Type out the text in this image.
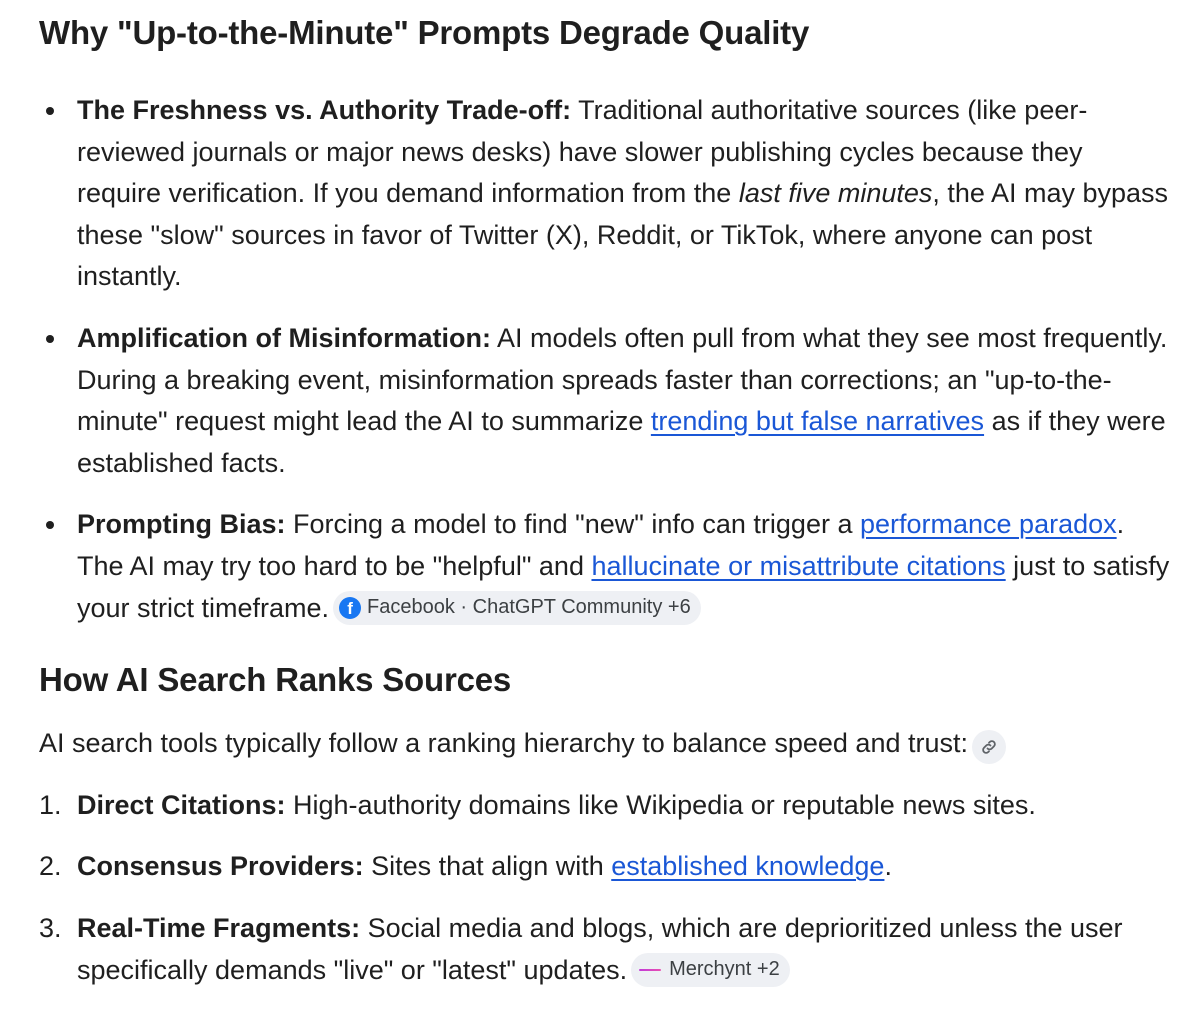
Why "Up-to-the-Minute" Prompts Degrade Quality
The Freshness vs. Authority Trade-off: Traditional authoritative sources (like peer-reviewed journals or major news desks) have slower publishing cycles because they require verification. If you demand information from the last five minutes, the AI may bypass these "slow" sources in favor of Twitter (X), Reddit, or TikTok, where anyone can post instantly.
Amplification of Misinformation: AI models often pull from what they see most frequently. During a breaking event, misinformation spreads faster than corrections; an "up-to-the-minute" request might lead the AI to summarize trending but false narratives as if they were established facts.
Prompting Bias: Forcing a model to find "new" info can trigger a performance paradox. The AI may try too hard to be "helpful" and hallucinate or misattribute citations just to satisfy your strict timeframe.	f Facebook · ChatGPT Community +6
How AI Search Ranks Sources

AI search tools typically follow a ranking hierarchy to balance speed and trust:

1. Direct Citations: High-authority domains like Wikipedia or reputable news sites.
2. Consensus Providers: Sites that align with established knowledge.
3. Real-Time Fragments: Social media and blogs, which are deprioritized unless the user specifically demands "live" or "latest" updates. Merchynt +2
